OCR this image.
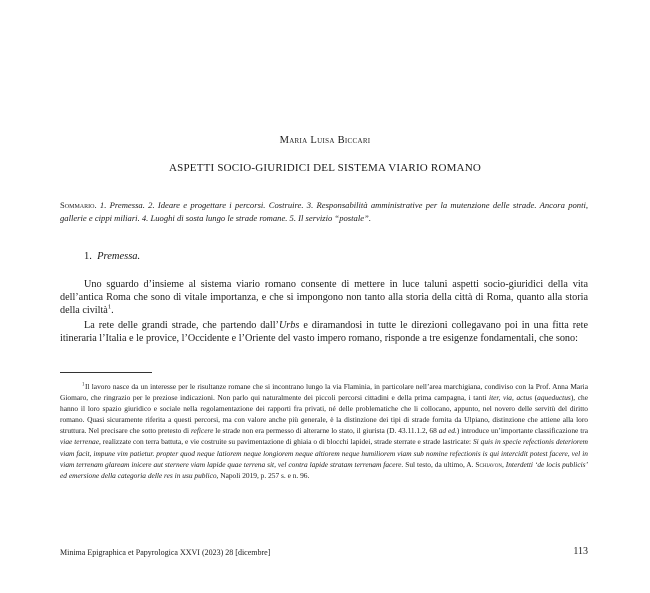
Maria Luisa Biccari
ASPETTI SOCIO-GIURIDICI DEL SISTEMA VIARIO ROMANO
Sommario. 1. Premessa. 2. Ideare e progettare i percorsi. Costruire. 3. Responsabilità amministrative per la mutenzione delle strade. Ancora ponti, gallerie e cippi miliari. 4. Luoghi di sosta lungo le strade romane. 5. Il servizio “postale”.
1. Premessa.

Uno sguardo d’insieme al sistema viario romano consente di mettere in luce taluni aspetti socio-giuridici della vita dell’antica Roma che sono di vitale importanza, e che si impongono non tanto alla storia della città di Roma, quanto alla storia della civiltà$^1$.

La rete delle grandi strade, che partendo dall’Urbs e diramandosi in tutte le direzioni collegavano poi in una fitta rete itineraria l’Italia e le provice, l’Occidente e l’Oriente del vasto impero romano, risponde a tre esigenze fondamentali, che sono:

$^1$ Il lavoro nasce da un interesse per le risultanze romane che si incontrano lungo la via Flaminia, in particolare nell’area marchigiana, condiviso con la Prof. Anna Maria Giomaro, che ringrazio per le preziose indicazioni. Non parlo qui naturalmente dei piccoli percorsi cittadini e della prima campagna, i tanti iter, via, actus (aqueductus), che hanno il loro spazio giuridico e sociale nella regolamentazione dei rapporti fra privati, né delle problematiche che li collocano, appunto, nel novero delle servitù del diritto romano. Quasi sicuramente riferita a questi percorsi, ma con valore anche più generale, è la distinzione dei tipi di strade fornita da Ulpiano, distinzione che attiene alla loro struttura. Nel precisare che sotto pretesto di reficere le strade non era permesso di alterarne lo stato, il giurista (D. 43.11.1.2, 68 ad ed.) introduce un’importante classificazione tra viae terrenae, realizzate con terra battuta, e vie costruite su pavimentazione di ghiaia o di blocchi lapidei, strade sterrate e strade lastricate: Si quis in specie refectionis deteriorem viam facit, impune vim patietur. propter quod neque latiorem neque longiorem neque altiorem neque humiliorem viam sub nomine refectionis is qui intercidit potest facere, vel in viam terrenam glaream inicere aut sternere viam lapide quae terrena sit, vel contra lapide stratam terrenam facere. Sul testo, da ultimo, A. Schiavon, Interdetti ‘de locis publicis’ ed emersione della categoria delle res in usu publico, Napoli 2019, p. 257 s. e n. 96.

Minima Epigraphica et Papyrologica XXVI (2023) 28 [dicembre]	113
